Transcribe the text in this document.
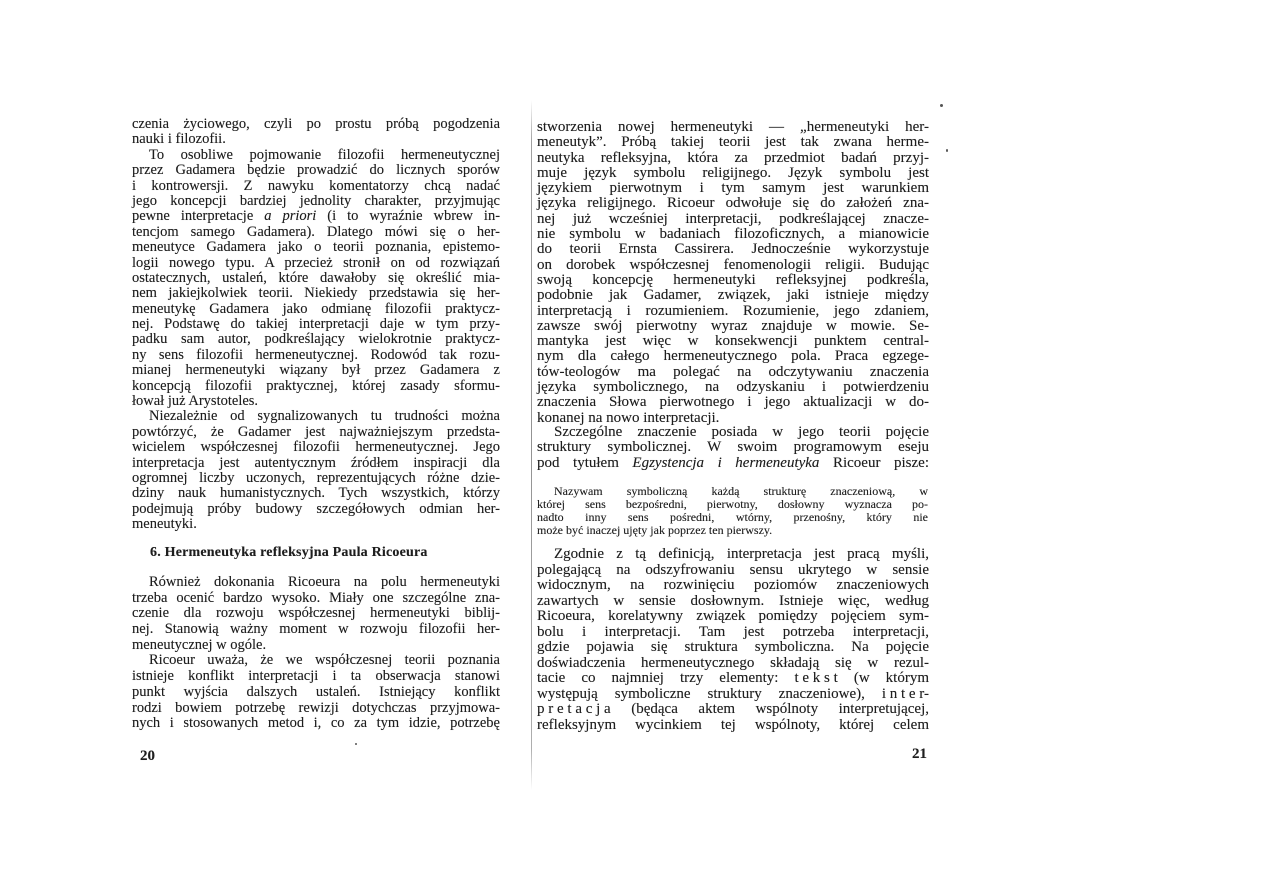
czenia życiowego, czyli po prostu próbą pogodzenia
nauki i filozofii.
To osobliwe pojmowanie filozofii hermeneutycznej
przez Gadamera będzie prowadzić do licznych sporów
i kontrowersji. Z nawyku komentatorzy chcą nadać
jego koncepcji bardziej jednolity charakter, przyjmując
pewne interpretacje a priori (i to wyraźnie wbrew in-
tencjom samego Gadamera). Dlatego mówi się o her-
meneutyce Gadamera jako o teorii poznania, epistemo-
logii nowego typu. A przecież stronił on od rozwiązań
ostatecznych, ustaleń, które dawałoby się określić mia-
nem jakiejkolwiek teorii. Niekiedy przedstawia się her-
meneutykę Gadamera jako odmianę filozofii praktycz-
nej. Podstawę do takiej interpretacji daje w tym przy-
padku sam autor, podkreślający wielokrotnie praktycz-
ny sens filozofii hermeneutycznej. Rodowód tak rozu-
mianej hermeneutyki wiązany był przez Gadamera z
koncepcją filozofii praktycznej, której zasady sformu-
łował już Arystoteles.
Niezależnie od sygnalizowanych tu trudności można
powtórzyć, że Gadamer jest najważniejszym przedsta-
wicielem współczesnej filozofii hermeneutycznej. Jego
interpretacja jest autentycznym źródłem inspiracji dla
ogromnej liczby uczonych, reprezentujących różne dzie-
dziny nauk humanistycznych. Tych wszystkich, którzy
podejmują próby budowy szczegółowych odmian her-
meneutyki.
6. Hermeneutyka refleksyjna Paula Ricoeura
Również dokonania Ricoeura na polu hermeneutyki
trzeba ocenić bardzo wysoko. Miały one szczególne zna-
czenie dla rozwoju współczesnej hermeneutyki biblij-
nej. Stanowią ważny moment w rozwoju filozofii her-
meneutycznej w ogóle.
Ricoeur uważa, że we współczesnej teorii poznania
istnieje konflikt interpretacji i ta obserwacja stanowi
punkt wyjścia dalszych ustaleń. Istniejący konflikt
rodzi bowiem potrzebę rewizji dotychczas przyjmowa-
nych i stosowanych metod i, co za tym idzie, potrzebę
20
stworzenia nowej hermeneutyki — „hermeneutyki her-
meneutyk”. Próbą takiej teorii jest tak zwana herme-
neutyka refleksyjna, która za przedmiot badań przyj-
muje język symbolu religijnego. Język symbolu jest
językiem pierwotnym i tym samym jest warunkiem
języka religijnego. Ricoeur odwołuje się do założeń zna-
nej już wcześniej interpretacji, podkreślającej znacze-
nie symbolu w badaniach filozoficznych, a mianowicie
do teorii Ernsta Cassirera. Jednocześnie wykorzystuje
on dorobek współczesnej fenomenologii religii. Budując
swoją koncepcję hermeneutyki refleksyjnej podkreśla,
podobnie jak Gadamer, związek, jaki istnieje między
interpretacją i rozumieniem. Rozumienie, jego zdaniem,
zawsze swój pierwotny wyraz znajduje w mowie. Se-
mantyka jest więc w konsekwencji punktem central-
nym dla całego hermeneutycznego pola. Praca egzege-
tów-teologów ma polegać na odczytywaniu znaczenia
języka symbolicznego, na odzyskaniu i potwierdzeniu
znaczenia Słowa pierwotnego i jego aktualizacji w do-
konanej na nowo interpretacji.
Szczególne znaczenie posiada w jego teorii pojęcie
struktury symbolicznej. W swoim programowym eseju
pod tytułem Egzystencja i hermeneutyka Ricoeur pisze:
Nazywam symboliczną każdą strukturę znaczeniową, w
której sens bezpośredni, pierwotny, dosłowny wyznacza po-
nadto inny sens pośredni, wtórny, przenośny, który nie
może być inaczej ujęty jak poprzez ten pierwszy.
Zgodnie z tą definicją, interpretacja jest pracą myśli,
polegającą na odszyfrowaniu sensu ukrytego w sensie
widocznym, na rozwinięciu poziomów znaczeniowych
zawartych w sensie dosłownym. Istnieje więc, według
Ricoeura, korelatywny związek pomiędzy pojęciem sym-
bolu i interpretacji. Tam jest potrzeba interpretacji,
gdzie pojawia się struktura symboliczna. Na pojęcie
doświadczenia hermeneutycznego składają się w rezul-
tacie co najmniej trzy elementy: t e k s t (w którym
występują symboliczne struktury znaczeniowe), i n t e r-
p r e t a c j a (będąca aktem wspólnoty interpretującej,
refleksyjnym wycinkiem tej wspólnoty, której celem
21
